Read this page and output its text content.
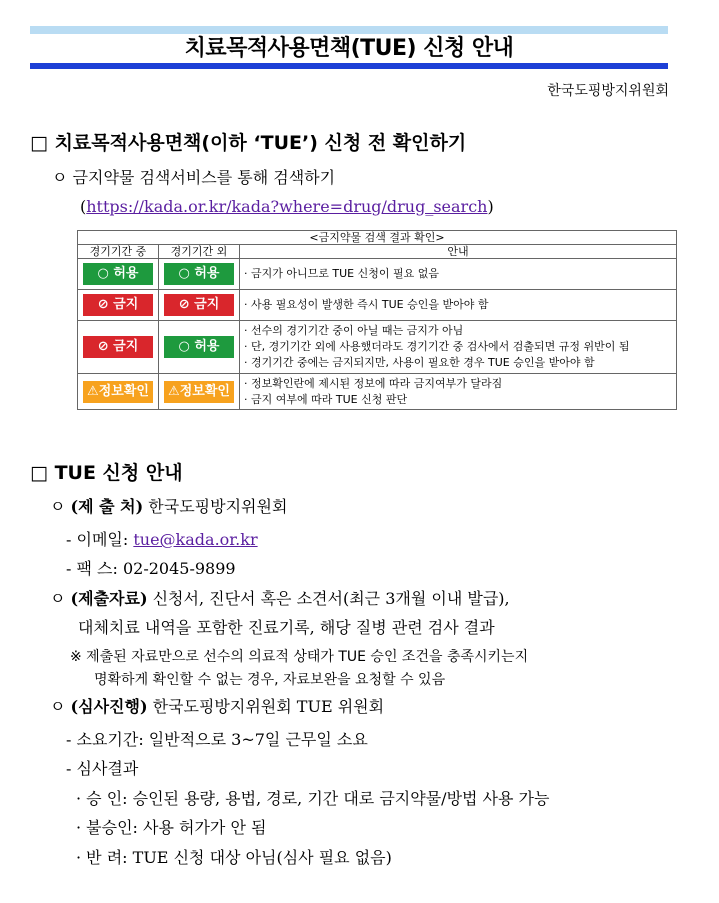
치료목적사용면책(TUE) 신청 안내
한국도핑방지위원회
□ 치료목적사용면책(이하 ‘TUE’) 신청 전 확인하기
ㅇ 금지약물 검색서비스를 통해 검색하기
(https://kada.or.kr/kada?where=drug/drug_search)
<금지약물 검색 결과 확인>		
경기기간 중	경기기간 외	안내
○ 허용	○ 허용	· 금지가 아니므로 TUE 신청이 필요 없음

⊘ 금지	⊘ 금지	· 사용 필요성이 발생한 즉시 TUE 승인을 받아야 함

⊘ 금지	○ 허용	· 선수의 경기기간 중이 아닐 때는 금지가 아님
· 단, 경기기간 외에 사용했더라도 경기기간 중 검사에서 검출되면 규정 위반이 됨
· 경기기간 중에는 금지되지만, 사용이 필요한 경우 TUE 승인을 받아야 함

⚠정보확인	⚠정보확인	· 정보확인란에 제시된 정보에 따라 금지여부가 달라짐
· 금지 여부에 따라 TUE 신청 판단
□ TUE 신청 안내
ㅇ (제 출 처) 한국도핑방지위원회
- 이메일: tue@kada.or.kr
- 팩 스: 02-2045-9899
ㅇ (제출자료) 신청서, 진단서 혹은 소견서(최근 3개월 이내 발급),
대체치료 내역을 포함한 진료기록, 해당 질병 관련 검사 결과
※ 제출된 자료만으로 선수의 의료적 상태가 TUE 승인 조건을 충족시키는지
명확하게 확인할 수 없는 경우, 자료보완을 요청할 수 있음
ㅇ (심사진행) 한국도핑방지위원회 TUE 위원회
- 소요기간: 일반적으로 3~7일 근무일 소요
- 심사결과
· 승 인: 승인된 용량, 용법, 경로, 기간 대로 금지약물/방법 사용 가능
· 불승인: 사용 허가가 안 됨
· 반 려: TUE 신청 대상 아님(심사 필요 없음)
